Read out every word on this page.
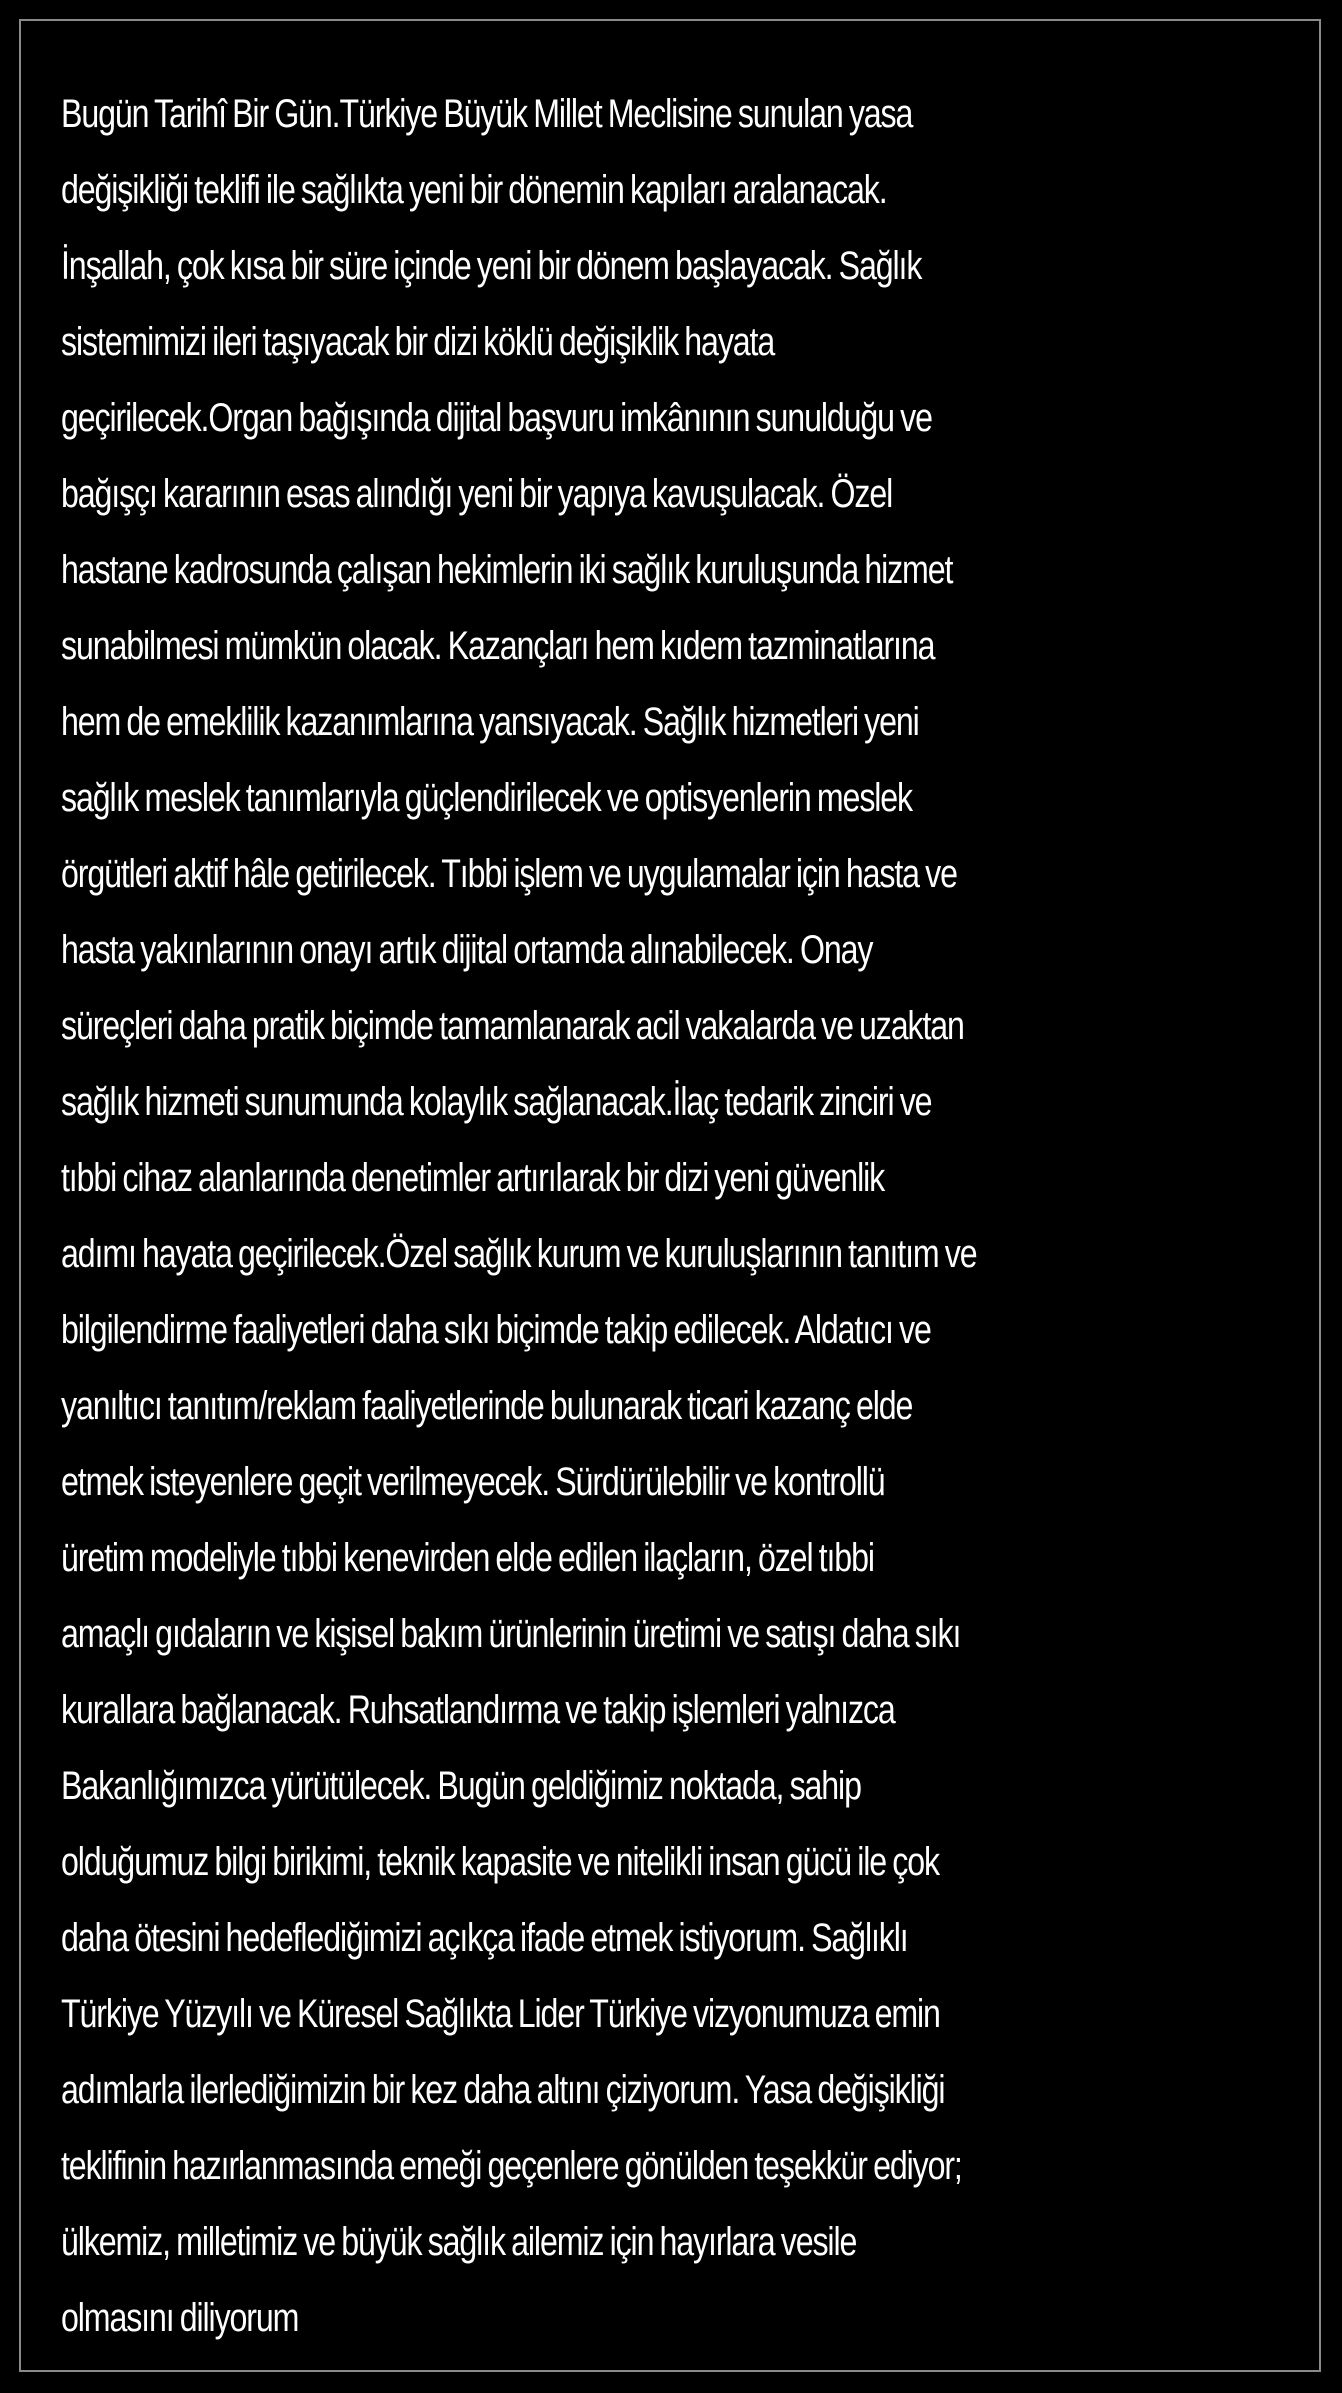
Bugün Tarihî Bir Gün.Türkiye Büyük Millet Meclisine sunulan yasa
değişikliği teklifi ile sağlıkta yeni bir dönemin kapıları aralanacak.
İnşallah, çok kısa bir süre içinde yeni bir dönem başlayacak. Sağlık
sistemimizi ileri taşıyacak bir dizi köklü değişiklik hayata
geçirilecek.Organ bağışında dijital başvuru imkânının sunulduğu ve
bağışçı kararının esas alındığı yeni bir yapıya kavuşulacak. Özel
hastane kadrosunda çalışan hekimlerin iki sağlık kuruluşunda hizmet
sunabilmesi mümkün olacak. Kazançları hem kıdem tazminatlarına
hem de emeklilik kazanımlarına yansıyacak. Sağlık hizmetleri yeni
sağlık meslek tanımlarıyla güçlendirilecek ve optisyenlerin meslek
örgütleri aktif hâle getirilecek. Tıbbi işlem ve uygulamalar için hasta ve
hasta yakınlarının onayı artık dijital ortamda alınabilecek. Onay
süreçleri daha pratik biçimde tamamlanarak acil vakalarda ve uzaktan
sağlık hizmeti sunumunda kolaylık sağlanacak.İlaç tedarik zinciri ve
tıbbi cihaz alanlarında denetimler artırılarak bir dizi yeni güvenlik
adımı hayata geçirilecek.Özel sağlık kurum ve kuruluşlarının tanıtım ve
bilgilendirme faaliyetleri daha sıkı biçimde takip edilecek. Aldatıcı ve
yanıltıcı tanıtım/reklam faaliyetlerinde bulunarak ticari kazanç elde
etmek isteyenlere geçit verilmeyecek. Sürdürülebilir ve kontrollü
üretim modeliyle tıbbi kenevirden elde edilen ilaçların, özel tıbbi
amaçlı gıdaların ve kişisel bakım ürünlerinin üretimi ve satışı daha sıkı
kurallara bağlanacak. Ruhsatlandırma ve takip işlemleri yalnızca
Bakanlığımızca yürütülecek. Bugün geldiğimiz noktada, sahip
olduğumuz bilgi birikimi, teknik kapasite ve nitelikli insan gücü ile çok
daha ötesini hedeflediğimizi açıkça ifade etmek istiyorum. Sağlıklı
Türkiye Yüzyılı ve Küresel Sağlıkta Lider Türkiye vizyonumuza emin
adımlarla ilerlediğimizin bir kez daha altını çiziyorum. Yasa değişikliği
teklifinin hazırlanmasında emeği geçenlere gönülden teşekkür ediyor;
ülkemiz, milletimiz ve büyük sağlık ailemiz için hayırlara vesile
olmasını diliyorum
